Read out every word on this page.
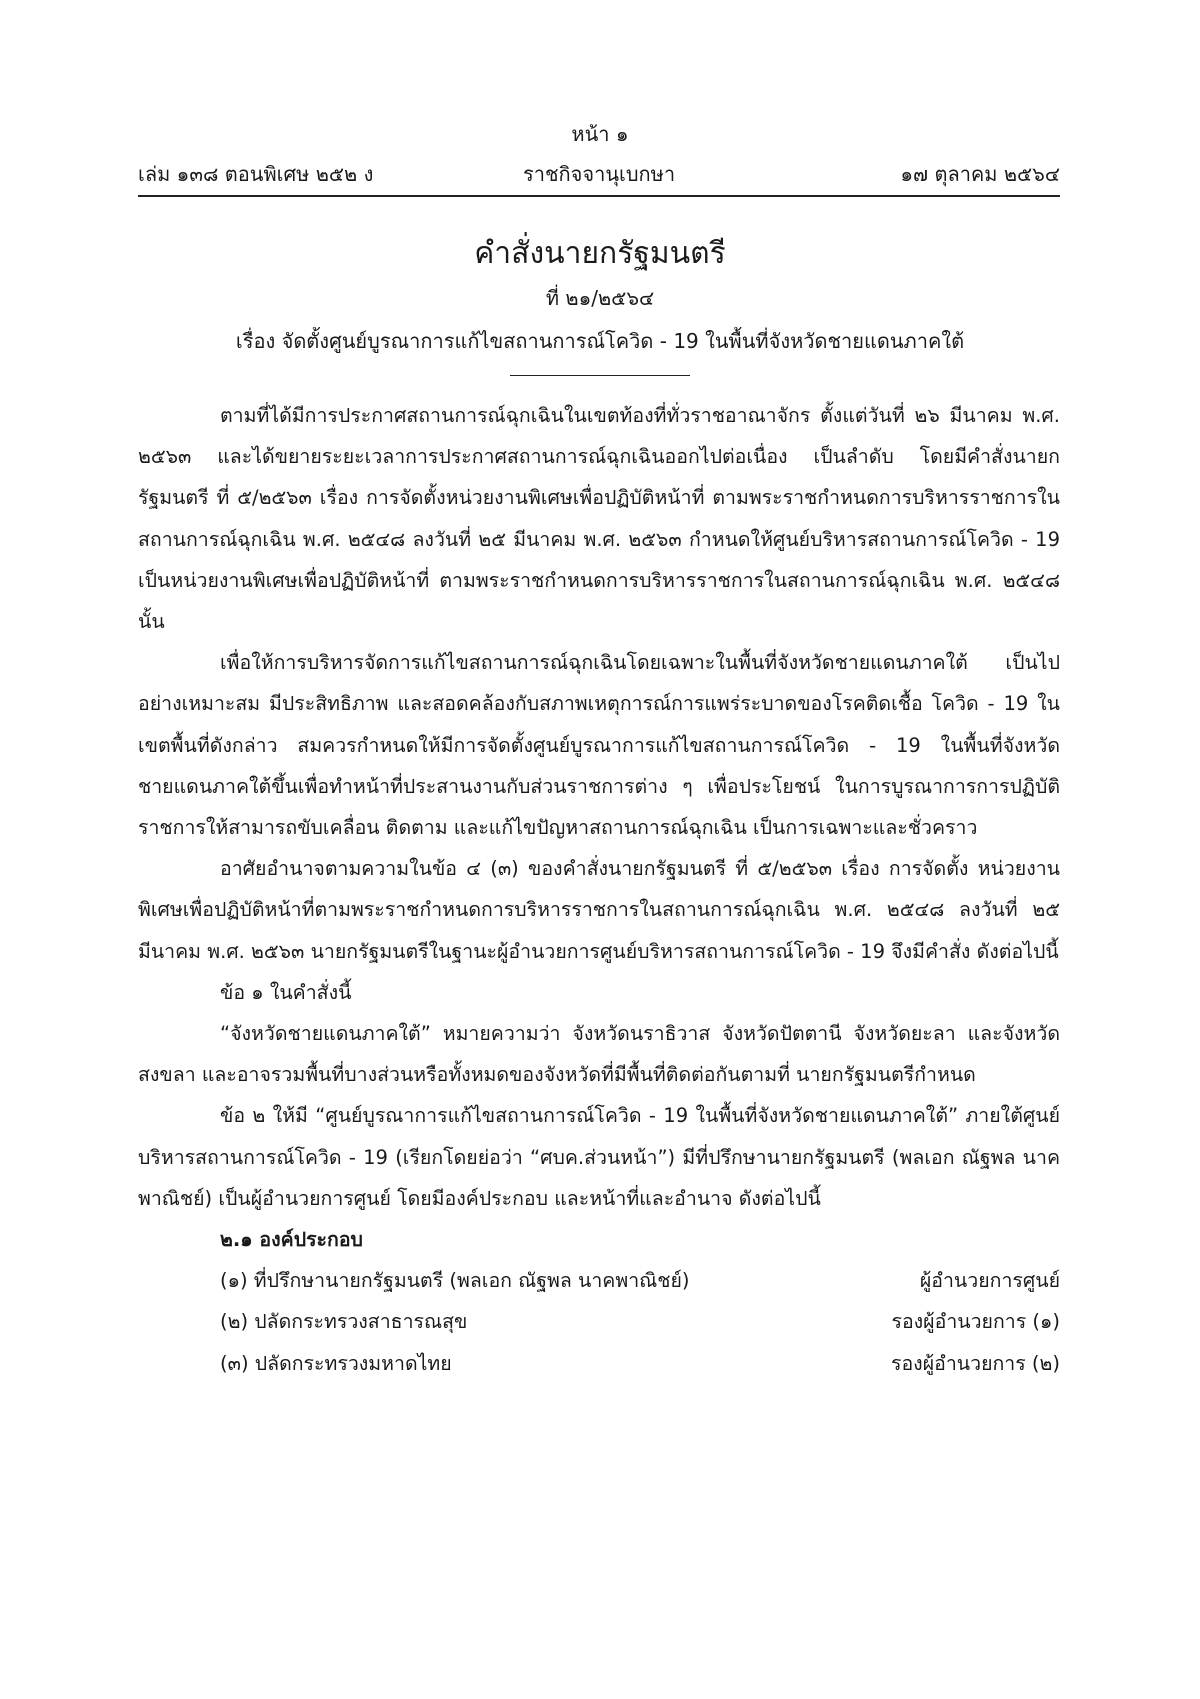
หน้า ๑
เล่ม ๑๓๘ ตอนพิเศษ ๒๕๒ ง	ราชกิจจานุเบกษา	๑๗ ตุลาคม ๒๕๖๔
คำสั่งนายกรัฐมนตรี
ที่ ๒๑/๒๕๖๔
เรื่อง จัดตั้งศูนย์บูรณาการแก้ไขสถานการณ์โควิด - 19 ในพื้นที่จังหวัดชายแดนภาคใต้

ตามที่ได้มีการประกาศสถานการณ์ฉุกเฉินในเขตท้องที่ทั่วราชอาณาจักร ตั้งแต่วันที่ ๒๖ มีนาคม พ.ศ. ๒๕๖๓ และได้ขยายระยะเวลาการประกาศสถานการณ์ฉุกเฉินออกไปต่อเนื่อง เป็นลำดับ โดยมีคำสั่งนายกรัฐมนตรี ที่ ๕/๒๕๖๓ เรื่อง การจัดตั้งหน่วยงานพิเศษเพื่อปฏิบัติหน้าที่ ตามพระราชกำหนดการบริหารราชการในสถานการณ์ฉุกเฉิน พ.ศ. ๒๕๔๘ ลงวันที่ ๒๕ มีนาคม พ.ศ. ๒๕๖๓ กำหนดให้ศูนย์บริหารสถานการณ์โควิด - 19 เป็นหน่วยงานพิเศษเพื่อปฏิบัติหน้าที่ ตามพระราชกำหนดการบริหารราชการในสถานการณ์ฉุกเฉิน พ.ศ. ๒๕๔๘ นั้น

เพื่อให้การบริหารจัดการแก้ไขสถานการณ์ฉุกเฉินโดยเฉพาะในพื้นที่จังหวัดชายแดนภาคใต้ เป็นไปอย่างเหมาะสม มีประสิทธิภาพ และสอดคล้องกับสภาพเหตุการณ์การแพร่ระบาดของโรคติดเชื้อ โควิด - 19 ในเขตพื้นที่ดังกล่าว สมควรกำหนดให้มีการจัดตั้งศูนย์บูรณาการแก้ไขสถานการณ์โควิด - 19 ในพื้นที่จังหวัดชายแดนภาคใต้ขึ้นเพื่อทำหน้าที่ประสานงานกับส่วนราชการต่าง ๆ เพื่อประโยชน์ ในการบูรณาการการปฏิบัติราชการให้สามารถขับเคลื่อน ติดตาม และแก้ไขปัญหาสถานการณ์ฉุกเฉิน เป็นการเฉพาะและชั่วคราว

อาศัยอำนาจตามความในข้อ ๔ (๓) ของคำสั่งนายกรัฐมนตรี ที่ ๕/๒๕๖๓ เรื่อง การจัดตั้ง หน่วยงานพิเศษเพื่อปฏิบัติหน้าที่ตามพระราชกำหนดการบริหารราชการในสถานการณ์ฉุกเฉิน พ.ศ. ๒๕๔๘ ลงวันที่ ๒๕ มีนาคม พ.ศ. ๒๕๖๓ นายกรัฐมนตรีในฐานะผู้อำนวยการศูนย์บริหารสถานการณ์โควิด - 19 จึงมีคำสั่ง ดังต่อไปนี้

ข้อ ๑ ในคำสั่งนี้

“จังหวัดชายแดนภาคใต้” หมายความว่า จังหวัดนราธิวาส จังหวัดปัตตานี จังหวัดยะลา และจังหวัดสงขลา และอาจรวมพื้นที่บางส่วนหรือทั้งหมดของจังหวัดที่มีพื้นที่ติดต่อกันตามที่ นายกรัฐมนตรีกำหนด

ข้อ ๒ ให้มี “ศูนย์บูรณาการแก้ไขสถานการณ์โควิด - 19 ในพื้นที่จังหวัดชายแดนภาคใต้” ภายใต้ศูนย์บริหารสถานการณ์โควิด - 19 (เรียกโดยย่อว่า “ศบค.ส่วนหน้า”) มีที่ปรึกษานายกรัฐมนตรี (พลเอก ณัฐพล นาคพาณิชย์) เป็นผู้อำนวยการศูนย์ โดยมีองค์ประกอบ และหน้าที่และอำนาจ ดังต่อไปนี้

๒.๑ องค์ประกอบ

(๑) ที่ปรึกษานายกรัฐมนตรี (พลเอก ณัฐพล นาคพาณิชย์)	ผู้อำนวยการศูนย์
(๒) ปลัดกระทรวงสาธารณสุข	รองผู้อำนวยการ (๑)
(๓) ปลัดกระทรวงมหาดไทย	รองผู้อำนวยการ (๒)
